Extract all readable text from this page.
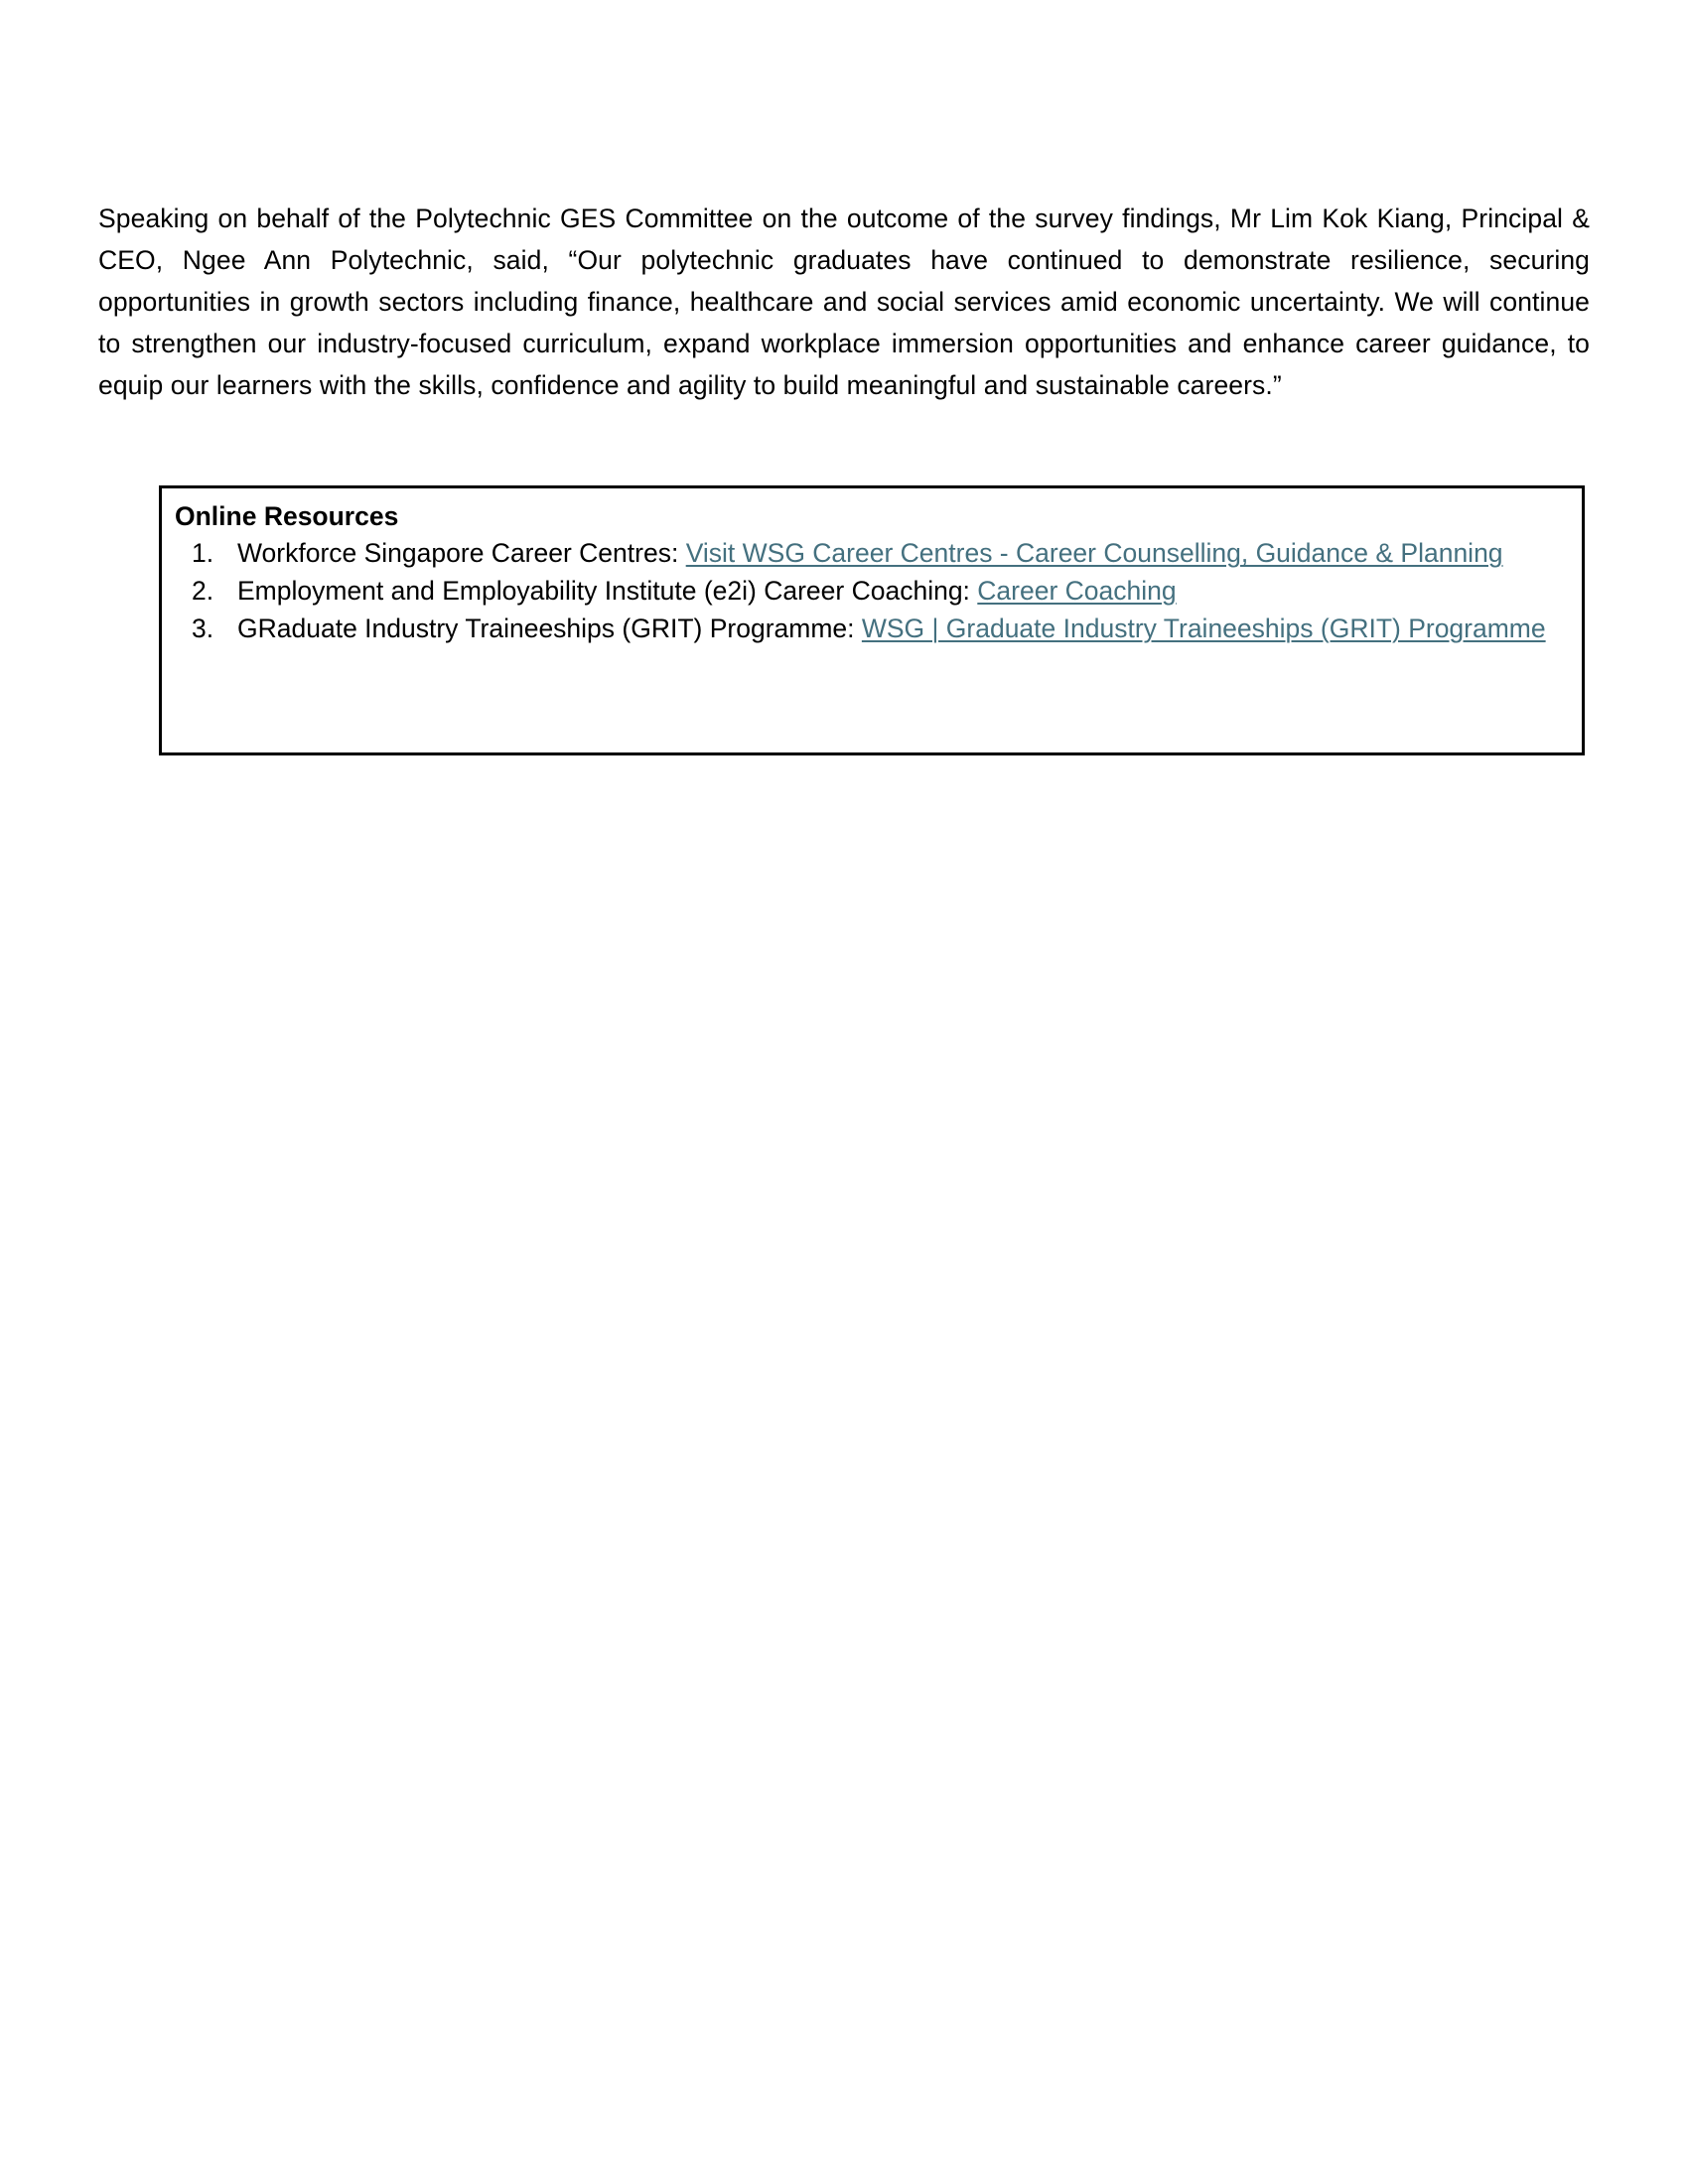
Speaking on behalf of the Polytechnic GES Committee on the outcome of the survey findings, Mr Lim Kok Kiang, Principal & CEO, Ngee Ann Polytechnic, said, “Our polytechnic graduates have continued to demonstrate resilience, securing opportunities in growth sectors including finance, healthcare and social services amid economic uncertainty. We will continue to strengthen our industry-focused curriculum, expand workplace immersion opportunities and enhance career guidance, to equip our learners with the skills, confidence and agility to build meaningful and sustainable careers.”

Online Resources
1. Workforce Singapore Career Centres: Visit WSG Career Centres - Career Counselling, Guidance & Planning
2. Employment and Employability Institute (e2i) Career Coaching: Career Coaching
3. GRaduate Industry Traineeships (GRIT) Programme: WSG | Graduate Industry Traineeships (GRIT) Programme
